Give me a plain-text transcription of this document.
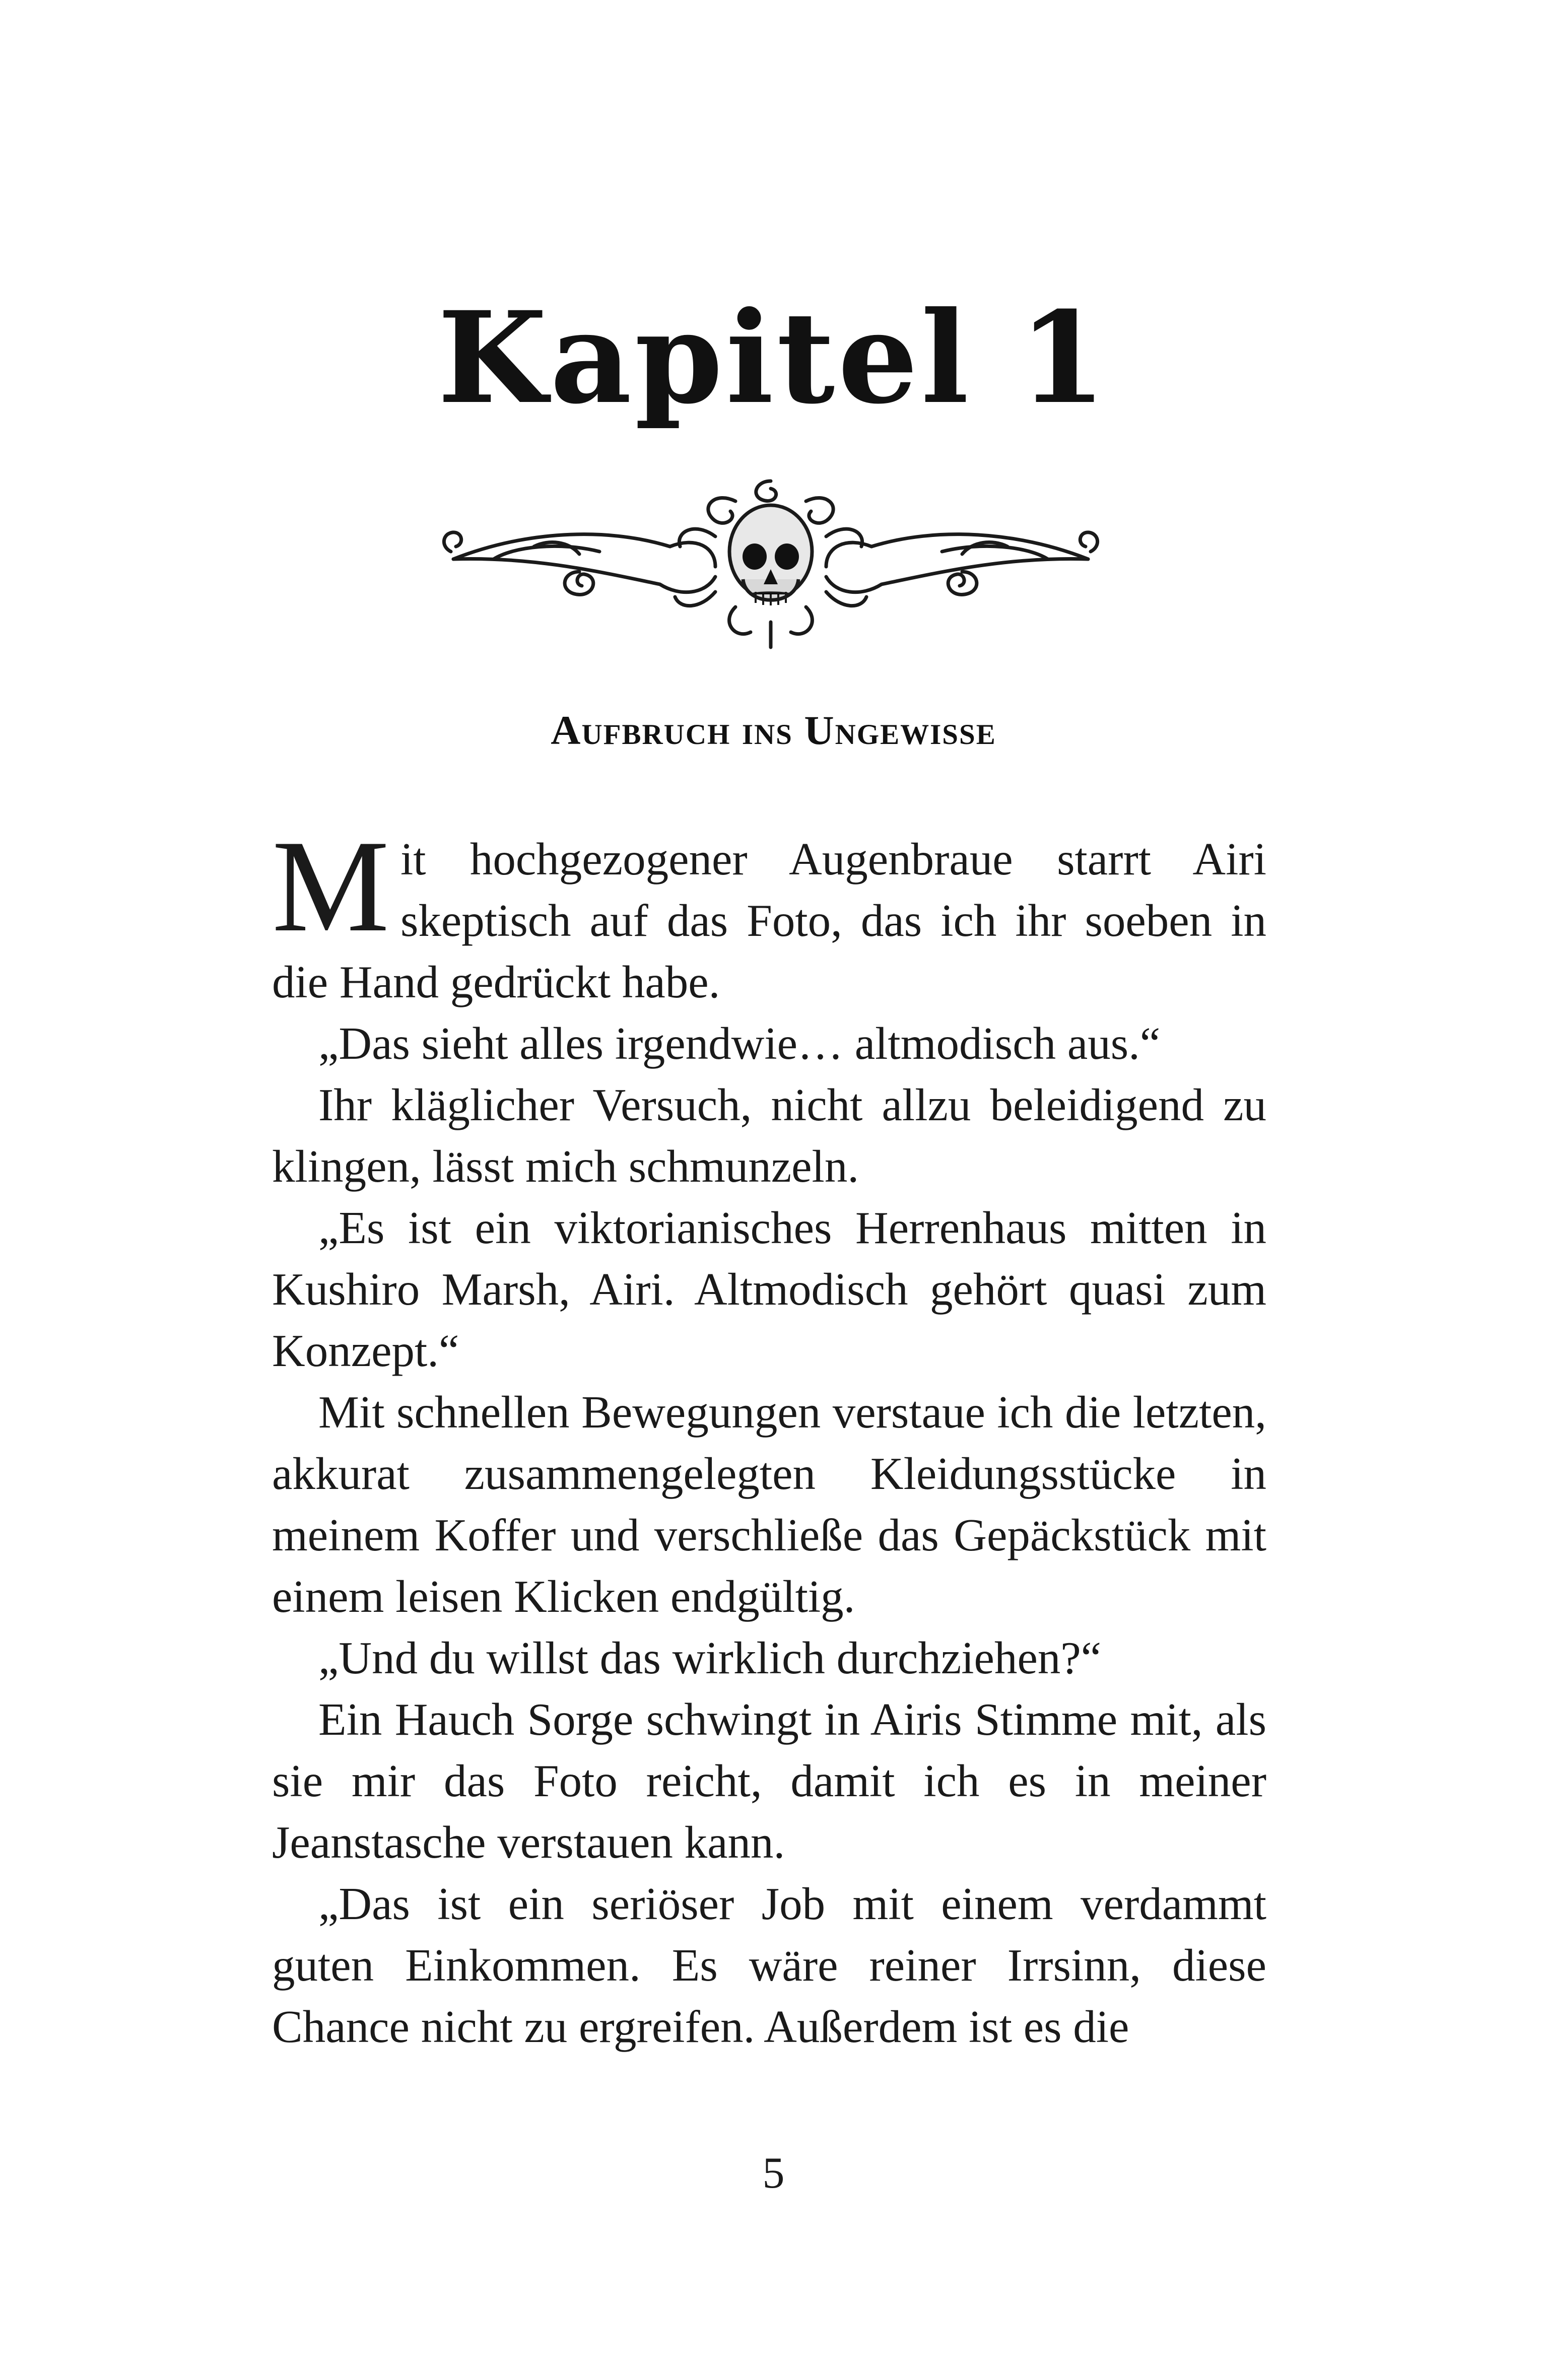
Kapitel 1
Aufbruch ins Ungewisse

Mit hochgezogener Augenbraue starrt Airi skeptisch auf das Foto, das ich ihr soeben in die Hand gedrückt habe.

„Das sieht alles irgendwie… altmodisch aus.“

Ihr kläglicher Versuch, nicht allzu beleidigend zu klingen, lässt mich schmunzeln.

„Es ist ein viktorianisches Herrenhaus mitten in Kushiro Marsh, Airi. Altmodisch gehört quasi zum Konzept.“

Mit schnellen Bewegungen verstaue ich die letzten, akkurat zusammengelegten Kleidungsstücke in meinem Koffer und verschließe das Gepäckstück mit einem leisen Klicken endgültig.

„Und du willst das wirklich durchziehen?“

Ein Hauch Sorge schwingt in Airis Stimme mit, als sie mir das Foto reicht, damit ich es in meiner Jeanstasche verstauen kann.

„Das ist ein seriöser Job mit einem verdammt guten Einkommen. Es wäre reiner Irrsinn, diese Chance nicht zu ergreifen. Außerdem ist es die

5
